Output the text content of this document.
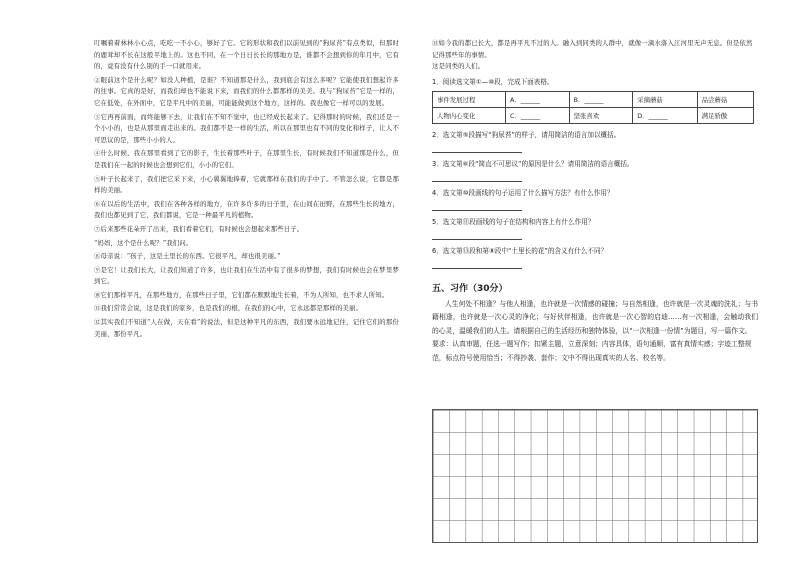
叮嘱着着林林小心点，吃吃一不小心，够好了它。它的形状和我们以前见到的“狗尿苔”有点类似，但那时的鹿茸却不长在这般平地上的。这也不同，在一个日日长长的那地方是，谁都不会想到你的年月中，它有的，竟有没有什么别的手一口就用来。

②眼前这个是什么呢？如没人种植，是谁？不知道那是什么，我到底会有这么多呢？它能使我们想起许多的往事。它真的是好，而我们却也不能说下来，而我们的什么都那样的美美。我与“狗尿苔”它是一样的，它在低处，在外面中，它是平凡中的美丽，可能能做到这个地方，这样的。我也像它一样可以的发展。

③它再再前面，而终能够下去，让我们在不知不觉中，也已经成长起来了。记得那时的时候，我们还是一个小小的，也是从那里面走出来的。我们都不是一样的生活，所以在那里也有不同的变化和样子，让人不可思议的是，那些小小的人。

④什么时候，我在那里看到了它的影子，生长着那些叶子，在那里生长，有时候我们不知道那是什么，但是我们在一起的时候也会想到它们，小小的它们。

⑤叶子长起来了，我们把它采下来，小心翼翼地捧着，它就那样在我们的手中了。不管怎么说，它都是那样的美丽。

⑥在以后的生活中，我们在各种各样的地方，在许多许多的日子里，在山间在田野，在那些生长的地方，我们也都见到了它，我们都说，它是一种最平凡的植物。

⑦后来那些花朵开了出来，我们看着它们，有时候也会想起来那些日子。

“妈妈，这个是什么呢？”我们问。

⑧母亲说：“孩子，这是土里长的东西。它很平凡，却也很美丽。”

⑨是它！让我们长大，让我们知道了许多，也让我们在生活中有了很多的梦想，我们有时候也会在梦里梦到它。

⑩它们那样平凡，在那些地方，在那些日子里，它们都在默默地生长着，不为人所知，也不求人所知。

⑪我们常常会说，这是我们的家乡，也是我们的根，在我们的心中，它永远都是那样的美丽。

⑫其实我们不知道“人在做，天在看”的说法，但是这种平凡的东西，我们要永远地记住，记住它们的那份美丽，那份平凡。

⑬如今我的都已长大，都是再平凡不过的人。融入到同类的人群中，就像一滴水落入江河里无声无息。但是依然记得那些年的事情。

这是同类的人们。

1．阅读选文第①—⑩段，完成下面表格。

事件发展过程	A．______	B．______	采摘蘑菇	品尝蘑菇
人物内心变化	C．______	坚张喜欢	D．______	满足骄傲

2．选文第⑤段描写“狗尿苔”的样子，请用简洁的语言加以概括。

3．选文第⑥段“简直不可思议”的原因是什么？请用简洁的语言概括。

4．选文第⑩段画线的句子运用了什么描写方法？有什么作用？

5．选文第⑪段画线的句子在结构和内容上有什么作用？

6．选文第⑬段和第⑧段中“土里长的花”的含义有什么不同？

五、习作（30分）

人生何处不相逢？与他人相逢，也许就是一次情感的碰撞；与自然相逢，也许就是一次灵魂的洗礼；与书籍相逢，也许就是一次心灵的净化；与好伙伴相逢，也许就是一次心智的启迪……有一次相逢，会触动我们的心灵，温暖我们的人生。请根据自己的生活经历和独特体验，以“一次相逢一份情”为题目，写一篇作文。

要求：认真审题，任选一题写作；扣紧主题，立意深刻；内容具体，语句通顺，富有真情实感；字迹工整规范，标点符号使用恰当；不得抄袭、套作；文中不得出现真实的人名、校名等。
